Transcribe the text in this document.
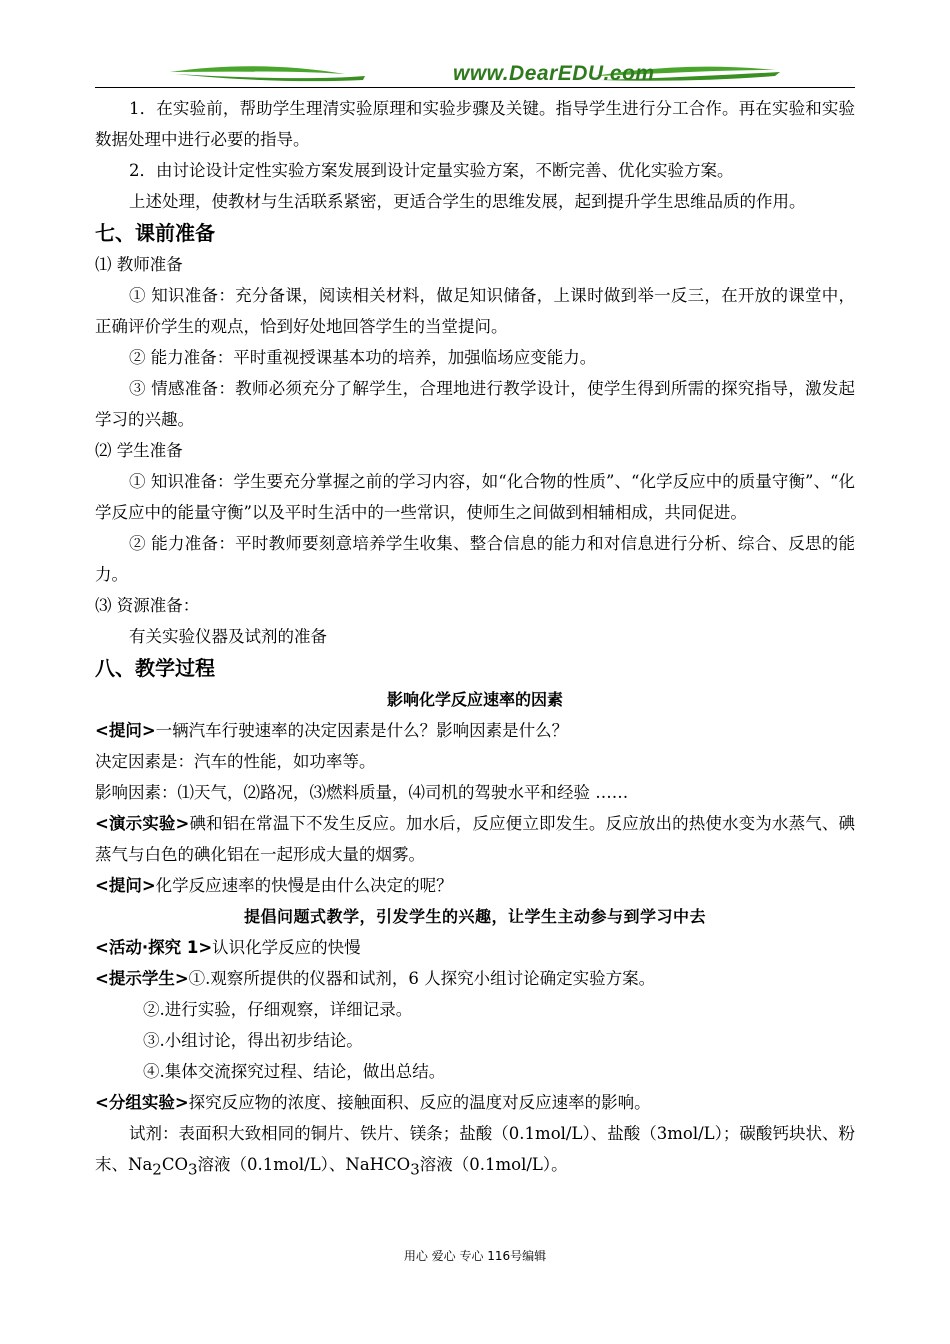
www.DearEDU.com

1．在实验前，帮助学生理清实验原理和实验步骤及关键。指导学生进行分工合作。再在实验和实验数据处理中进行必要的指导。

2．由讨论设计定性实验方案发展到设计定量实验方案，不断完善、优化实验方案。

上述处理，使教材与生活联系紧密，更适合学生的思维发展，起到提升学生思维品质的作用。

七、课前准备

⑴ 教师准备

① 知识准备：充分备课，阅读相关材料，做足知识储备，上课时做到举一反三，在开放的课堂中，正确评价学生的观点，恰到好处地回答学生的当堂提问。

② 能力准备：平时重视授课基本功的培养，加强临场应变能力。

③ 情感准备：教师必须充分了解学生，合理地进行教学设计，使学生得到所需的探究指导，激发起学习的兴趣。

⑵ 学生准备

① 知识准备：学生要充分掌握之前的学习内容，如“化合物的性质”、“化学反应中的质量守衡”、“化学反应中的能量守衡”以及平时生活中的一些常识，使师生之间做到相辅相成，共同促进。

② 能力准备：平时教师要刻意培养学生收集、整合信息的能力和对信息进行分析、综合、反思的能力。

⑶ 资源准备：

有关实验仪器及试剂的准备

八、教学过程

影响化学反应速率的因素

<提问>一辆汽车行驶速率的决定因素是什么？影响因素是什么？

决定因素是：汽车的性能，如功率等。

影响因素：⑴天气，⑵路况，⑶燃料质量，⑷司机的驾驶水平和经验 ……

<演示实验>碘和铝在常温下不发生反应。加水后，反应便立即发生。反应放出的热使水变为水蒸气、碘蒸气与白色的碘化铝在一起形成大量的烟雾。

<提问>化学反应速率的快慢是由什么决定的呢？

提倡问题式教学，引发学生的兴趣，让学生主动参与到学习中去

<活动·探究 1>认识化学反应的快慢

<提示学生>①.观察所提供的仪器和试剂，6 人探究小组讨论确定实验方案。

②.进行实验，仔细观察，详细记录。

③.小组讨论，得出初步结论。

④.集体交流探究过程、结论，做出总结。

<分组实验>探究反应物的浓度、接触面积、反应的温度对反应速率的影响。

试剂：表面积大致相同的铜片、铁片、镁条；盐酸（0.1mol/L）、盐酸（3mol/L）；碳酸钙块状、粉末、$Na_2CO_3$溶液（0.1mol/L）、NaHCO$_3$溶液（0.1mol/L）。

用心 爱心 专心 116号编辑
